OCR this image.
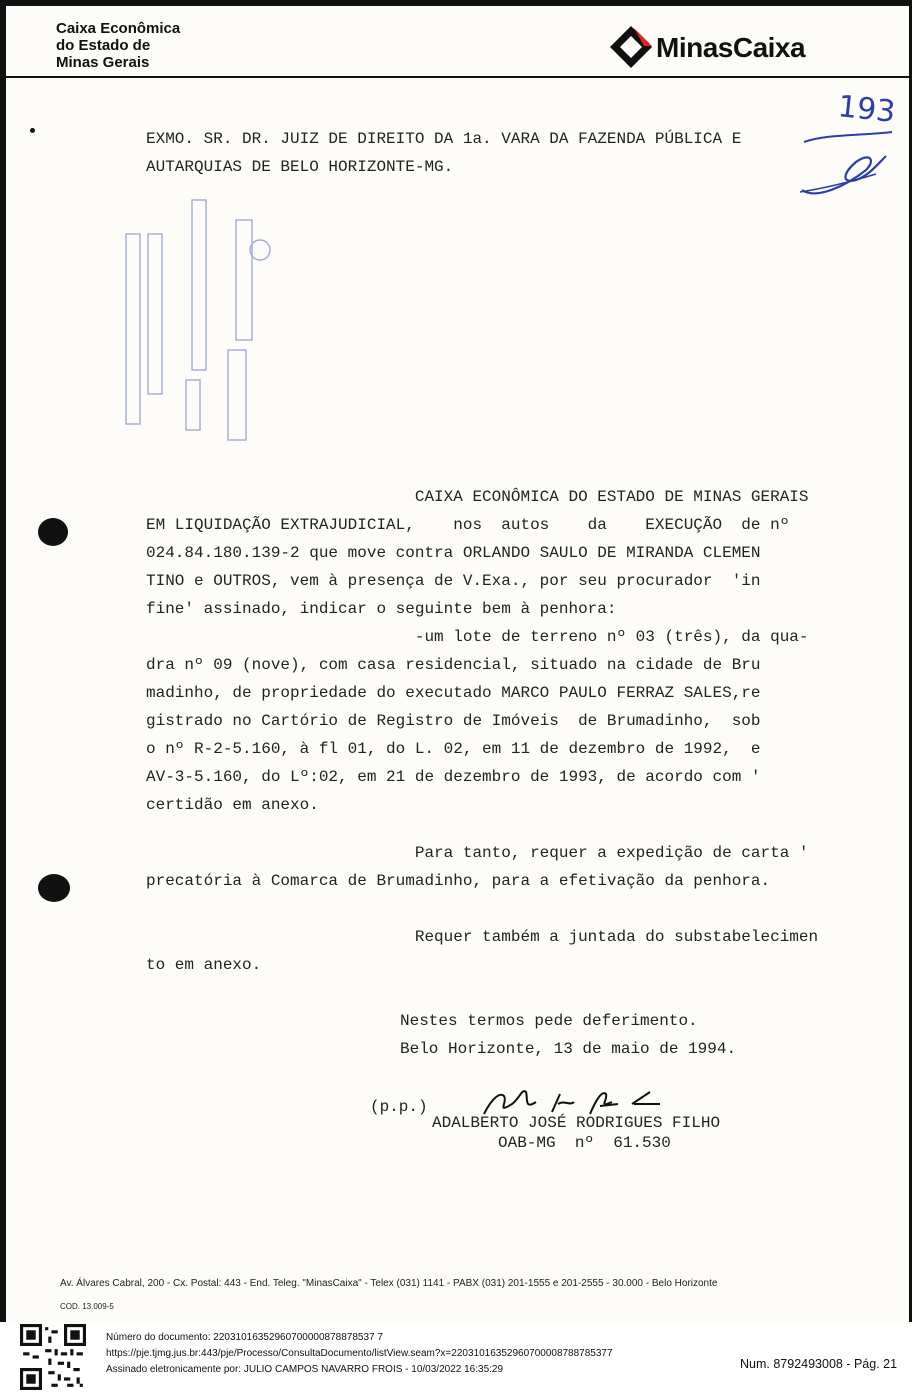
Caixa Econômica
do Estado de
Minas Gerais	MinasCaixa
193
EXMO. SR. DR. JUIZ DE DIREITO DA 1a. VARA DA FAZENDA PÚBLICA E
AUTARQUIAS DE BELO HORIZONTE-MG.
CAIXA ECONÔMICA DO ESTADO DE MINAS GERAIS
EM LIQUIDAÇÃO EXTRAJUDICIAL,    nos  autos    da    EXECUÇÃO  de nº
024.84.180.139-2 que move contra ORLANDO SAULO DE MIRANDA CLEMEN
TINO e OUTROS, vem à presença de V.Exa., por seu procurador  'in
fine' assinado, indicar o seguinte bem à penhora:
-um lote de terreno nº 03 (três), da qua-
dra nº 09 (nove), com casa residencial, situado na cidade de Bru
madinho, de propriedade do executado MARCO PAULO FERRAZ SALES,re
gistrado no Cartório de Registro de Imóveis  de Brumadinho,  sob
o nº R-2-5.160, à fl 01, do L. 02, em 11 de dezembro de 1992,  e
AV-3-5.160, do Lº:02, em 21 de dezembro de 1993, de acordo com '
certidão em anexo.
Para tanto, requer a expedição de carta '
precatória à Comarca de Brumadinho, para a efetivação da penhora.
Requer também a juntada do substabelecimen
to em anexo.
Nestes termos pede deferimento.
Belo Horizonte, 13 de maio de 1994.
(p.p.)
ADALBERTO JOSÉ RODRIGUES FILHO
OAB-MG  nº  61.530
Av. Álvares Cabral, 200 - Cx. Postal: 443 - End. Teleg. "MinasCaixa" - Telex (031) 1141 - PABX (031) 201-1555 e 201-2555 - 30.000 - Belo Horizonte
COD. 13.009-5
Número do documento: 22031016352960700000878878537 7
https://pje.tjmg.jus.br:443/pje/Processo/ConsultaDocumento/listView.seam?x=22031016352960700008788785377
Assinado eletronicamente por: JULIO CAMPOS NAVARRO FROIS - 10/03/2022 16:35:29	Num. 8792493008 - Pág. 21
